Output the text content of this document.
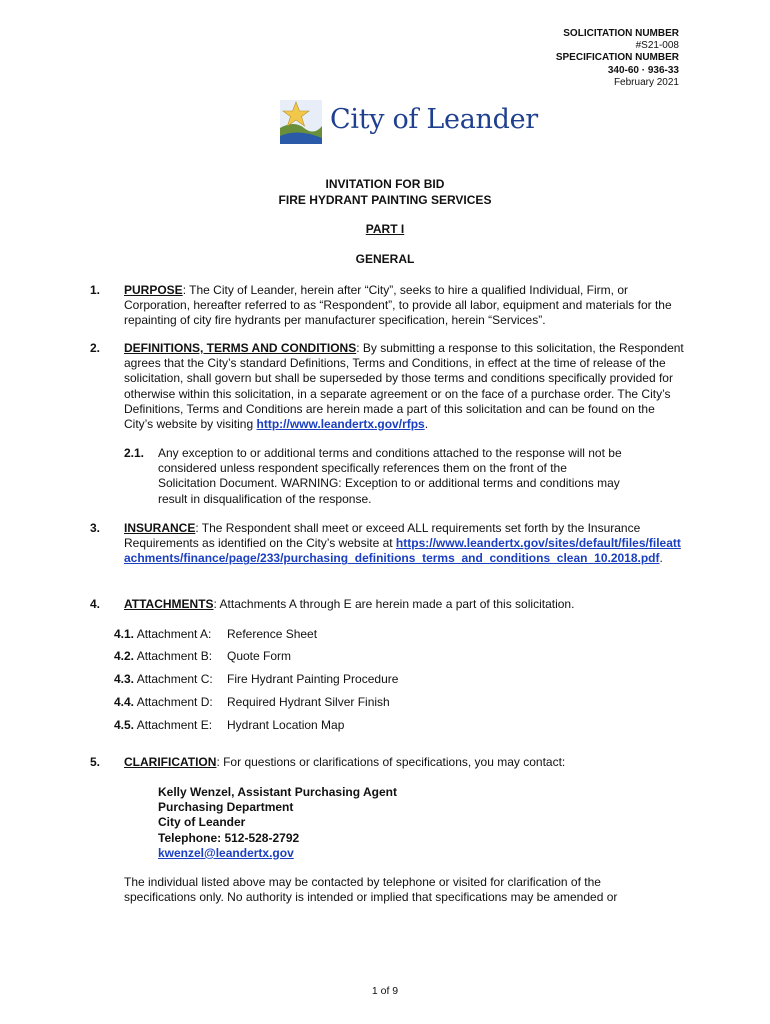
SOLICITATION NUMBER
#S21-008
SPECIFICATION NUMBER
340-60 · 936-33
February 2021
City of Leander
INVITATION FOR BID
FIRE HYDRANT PAINTING SERVICES
PART I
GENERAL
1. PURPOSE: The City of Leander, herein after “City”, seeks to hire a qualified Individual, Firm, or Corporation, hereafter referred to as “Respondent”, to provide all labor, equipment and materials for the repainting of city fire hydrants per manufacturer specification, herein “Services”.
2. DEFINITIONS, TERMS AND CONDITIONS: By submitting a response to this solicitation, the Respondent agrees that the City’s standard Definitions, Terms and Conditions, in effect at the time of release of the solicitation, shall govern but shall be superseded by those terms and conditions specifically provided for otherwise within this solicitation, in a separate agreement or on the face of a purchase order. The City’s Definitions, Terms and Conditions are herein made a part of this solicitation and can be found on the City’s website by visiting http://www.leandertx.gov/rfps.
2.1. Any exception to or additional terms and conditions attached to the response will not be considered unless respondent specifically references them on the front of the Solicitation Document. WARNING: Exception to or additional terms and conditions may result in disqualification of the response.
3. INSURANCE: The Respondent shall meet or exceed ALL requirements set forth by the Insurance Requirements as identified on the City’s website at https://www.leandertx.gov/sites/default/files/fileattachments/finance/page/233/purchasing_definitions_terms_and_conditions_clean_10.2018.pdf.
4. ATTACHMENTS: Attachments A through E are herein made a part of this solicitation.
4.1. Attachment A: Reference Sheet
4.2. Attachment B: Quote Form
4.3. Attachment C: Fire Hydrant Painting Procedure
4.4. Attachment D: Required Hydrant Silver Finish
4.5. Attachment E: Hydrant Location Map
5. CLARIFICATION: For questions or clarifications of specifications, you may contact:
Kelly Wenzel, Assistant Purchasing Agent
Purchasing Department
City of Leander
Telephone: 512-528-2792
kwenzel@leandertx.gov
The individual listed above may be contacted by telephone or visited for clarification of the specifications only. No authority is intended or implied that specifications may be amended or
1 of 9
